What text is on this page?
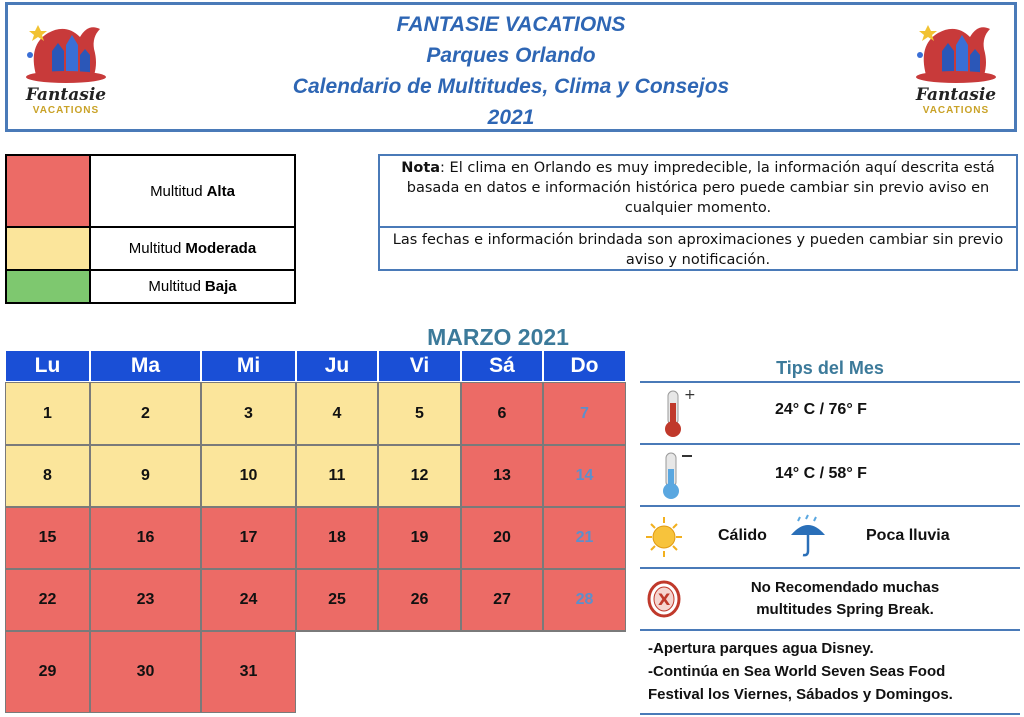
Fantasie
VACATIONS
FANTASIE VACATIONS
Parques Orlando
Calendario de Multitudes, Clima y Consejos
2021
Fantasie
VACATIONS
Multitud Alta
Multitud Moderada
Multitud Baja
Nota: El clima en Orlando es muy impredecible, la información aquí descrita está basada en datos e información histórica pero puede cambiar sin previo aviso en cualquier momento.
Las fechas e información brindada son aproximaciones y pueden cambiar sin previo aviso y notificación.
MARZO 2021
Lu	Ma	Mi	Ju	Vi	Sá	Do
1	2	3	4	5	6	7
8	9	10	11	12	13	14
15	16	17	18	19	20	21
22	23	24	25	26	27	28
29	30	31
Tips del Mes
+
24° C / 76° F
14° C / 58° F
Cálido	Poca lluvia
X
No Recomendado muchas
multitudes Spring Break.
-Apertura parques agua Disney.
-Continúa en Sea World Seven Seas Food
Festival los Viernes, Sábados y Domingos.
